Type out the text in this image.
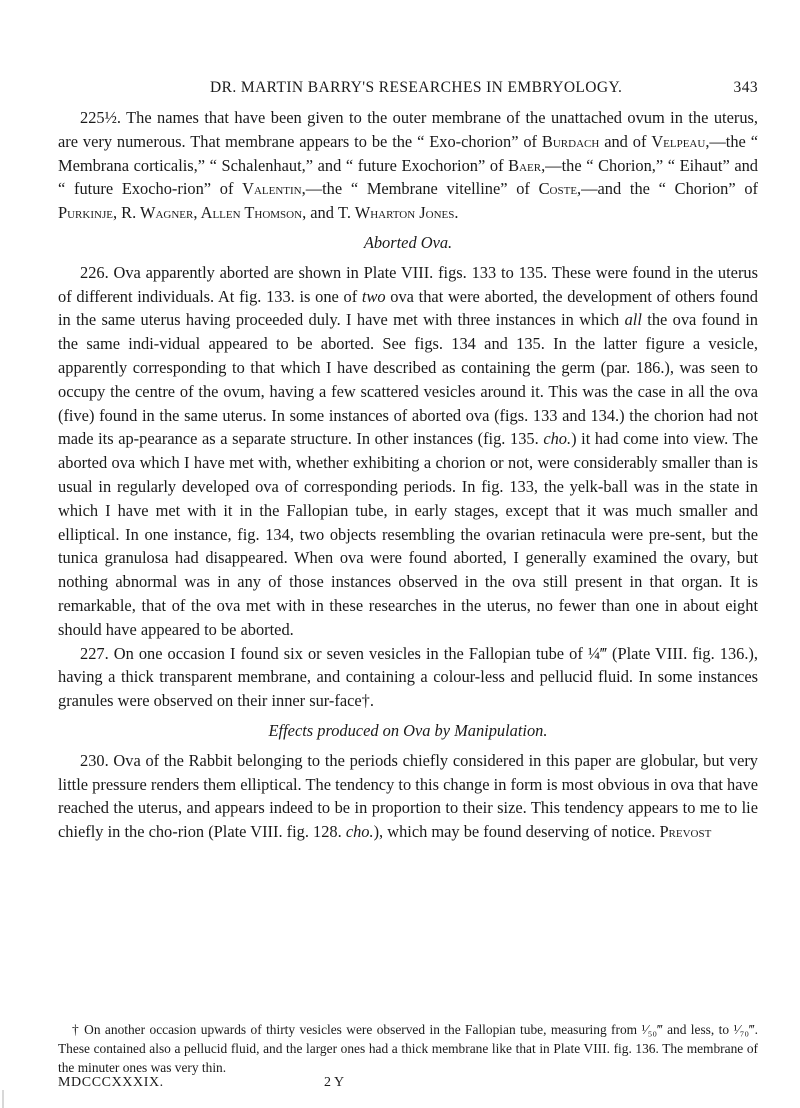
DR. MARTIN BARRY'S RESEARCHES IN EMBRYOLOGY.	343

225½. The names that have been given to the outer membrane of the unattached ovum in the uterus, are very numerous. That membrane appears to be the “ Exo-chorion” of Burdach and of Velpeau,—the “ Membrana corticalis,” “ Schalenhaut,” and “ future Exochorion” of Baer,—the “ Chorion,” “ Eihaut” and “ future Exocho-rion” of Valentin,—the “ Membrane vitelline” of Coste,—and the “ Chorion” of Purkinje, R. Wagner, Allen Thomson, and T. Wharton Jones.

Aborted Ova.

226. Ova apparently aborted are shown in Plate VIII. figs. 133 to 135. These were found in the uterus of different individuals. At fig. 133. is one of two ova that were aborted, the development of others found in the same uterus having proceeded duly. I have met with three instances in which all the ova found in the same indi-vidual appeared to be aborted. See figs. 134 and 135. In the latter figure a vesicle, apparently corresponding to that which I have described as containing the germ (par. 186.), was seen to occupy the centre of the ovum, having a few scattered vesicles around it. This was the case in all the ova (five) found in the same uterus. In some instances of aborted ova (figs. 133 and 134.) the chorion had not made its ap-pearance as a separate structure. In other instances (fig. 135. cho.) it had come into view. The aborted ova which I have met with, whether exhibiting a chorion or not, were considerably smaller than is usual in regularly developed ova of corresponding periods. In fig. 133, the yelk-ball was in the state in which I have met with it in the Fallopian tube, in early stages, except that it was much smaller and elliptical. In one instance, fig. 134, two objects resembling the ovarian retinacula were pre-sent, but the tunica granulosa had disappeared. When ova were found aborted, I generally examined the ovary, but nothing abnormal was in any of those instances observed in the ova still present in that organ. It is remarkable, that of the ova met with in these researches in the uterus, no fewer than one in about eight should have appeared to be aborted.

227. On one occasion I found six or seven vesicles in the Fallopian tube of ¼‴ (Plate VIII. fig. 136.), having a thick transparent membrane, and containing a colour-less and pellucid fluid. In some instances granules were observed on their inner sur-face†.

Effects produced on Ova by Manipulation.

230. Ova of the Rabbit belonging to the periods chiefly considered in this paper are globular, but very little pressure renders them elliptical. The tendency to this change in form is most obvious in ova that have reached the uterus, and appears indeed to be in proportion to their size. This tendency appears to me to lie chiefly in the cho-rion (Plate VIII. fig. 128. cho.), which may be found deserving of notice. Prevost

† On another occasion upwards of thirty vesicles were observed in the Fallopian tube, measuring from ¹⁄₅₀‴ and less, to ¹⁄₇₀‴. These contained also a pellucid fluid, and the larger ones had a thick membrane like that in Plate VIII. fig. 136. The membrane of the minuter ones was very thin.

MDCCCXXXIX.	2 Y
